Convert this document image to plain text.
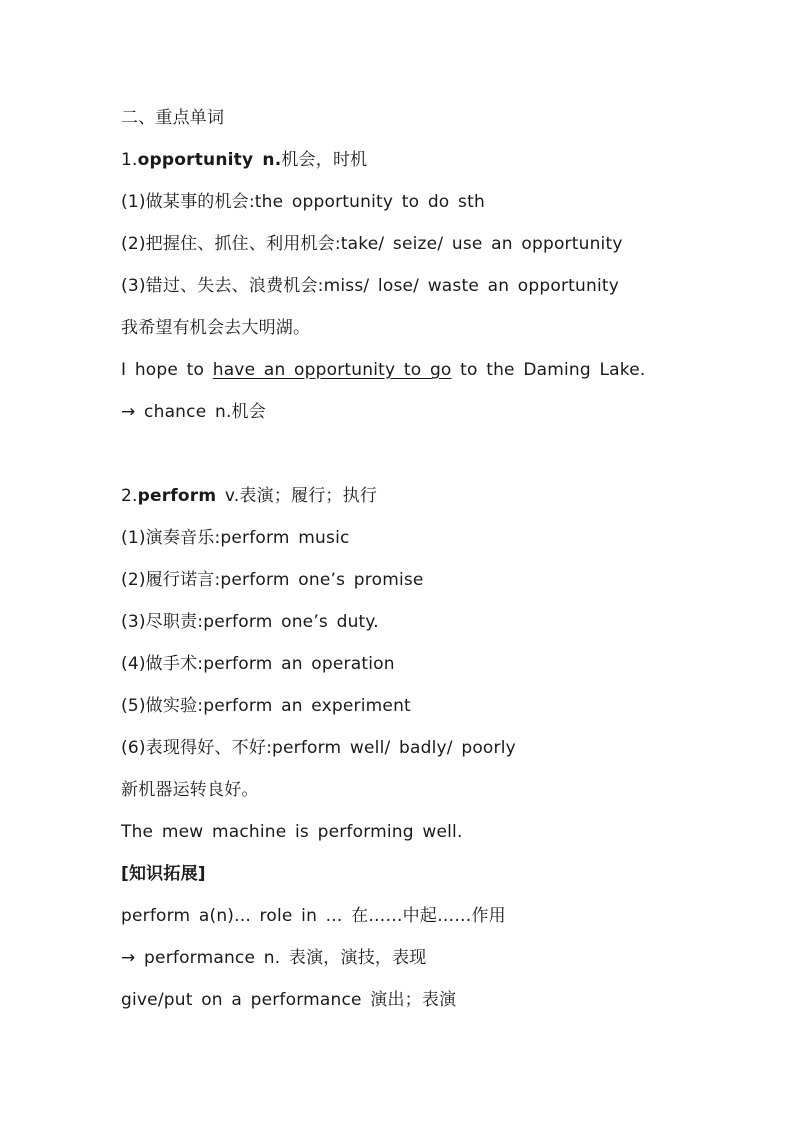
二、重点单词
1.opportunity n.机会，时机
(1)做某事的机会:the opportunity to do sth
(2)把握住、抓住、利用机会:take/ seize/ use an opportunity
(3)错过、失去、浪费机会:miss/ lose/ waste an opportunity
我希望有机会去大明湖。
I hope to have an opportunity to go to the Daming Lake.
→ chance n.机会
2.perform v.表演；履行；执行
(1)演奏音乐:perform music
(2)履行诺言:perform one’s promise
(3)尽职责:perform one’s duty.
(4)做手术:perform an operation
(5)做实验:perform an experiment
(6)表现得好、不好:perform well/ badly/ poorly
新机器运转良好。
The mew machine is performing well.
[知识拓展]
perform a(n)... role in ... 在……中起……作用
→ performance n. 表演，演技，表现
give/put on a performance 演出；表演
